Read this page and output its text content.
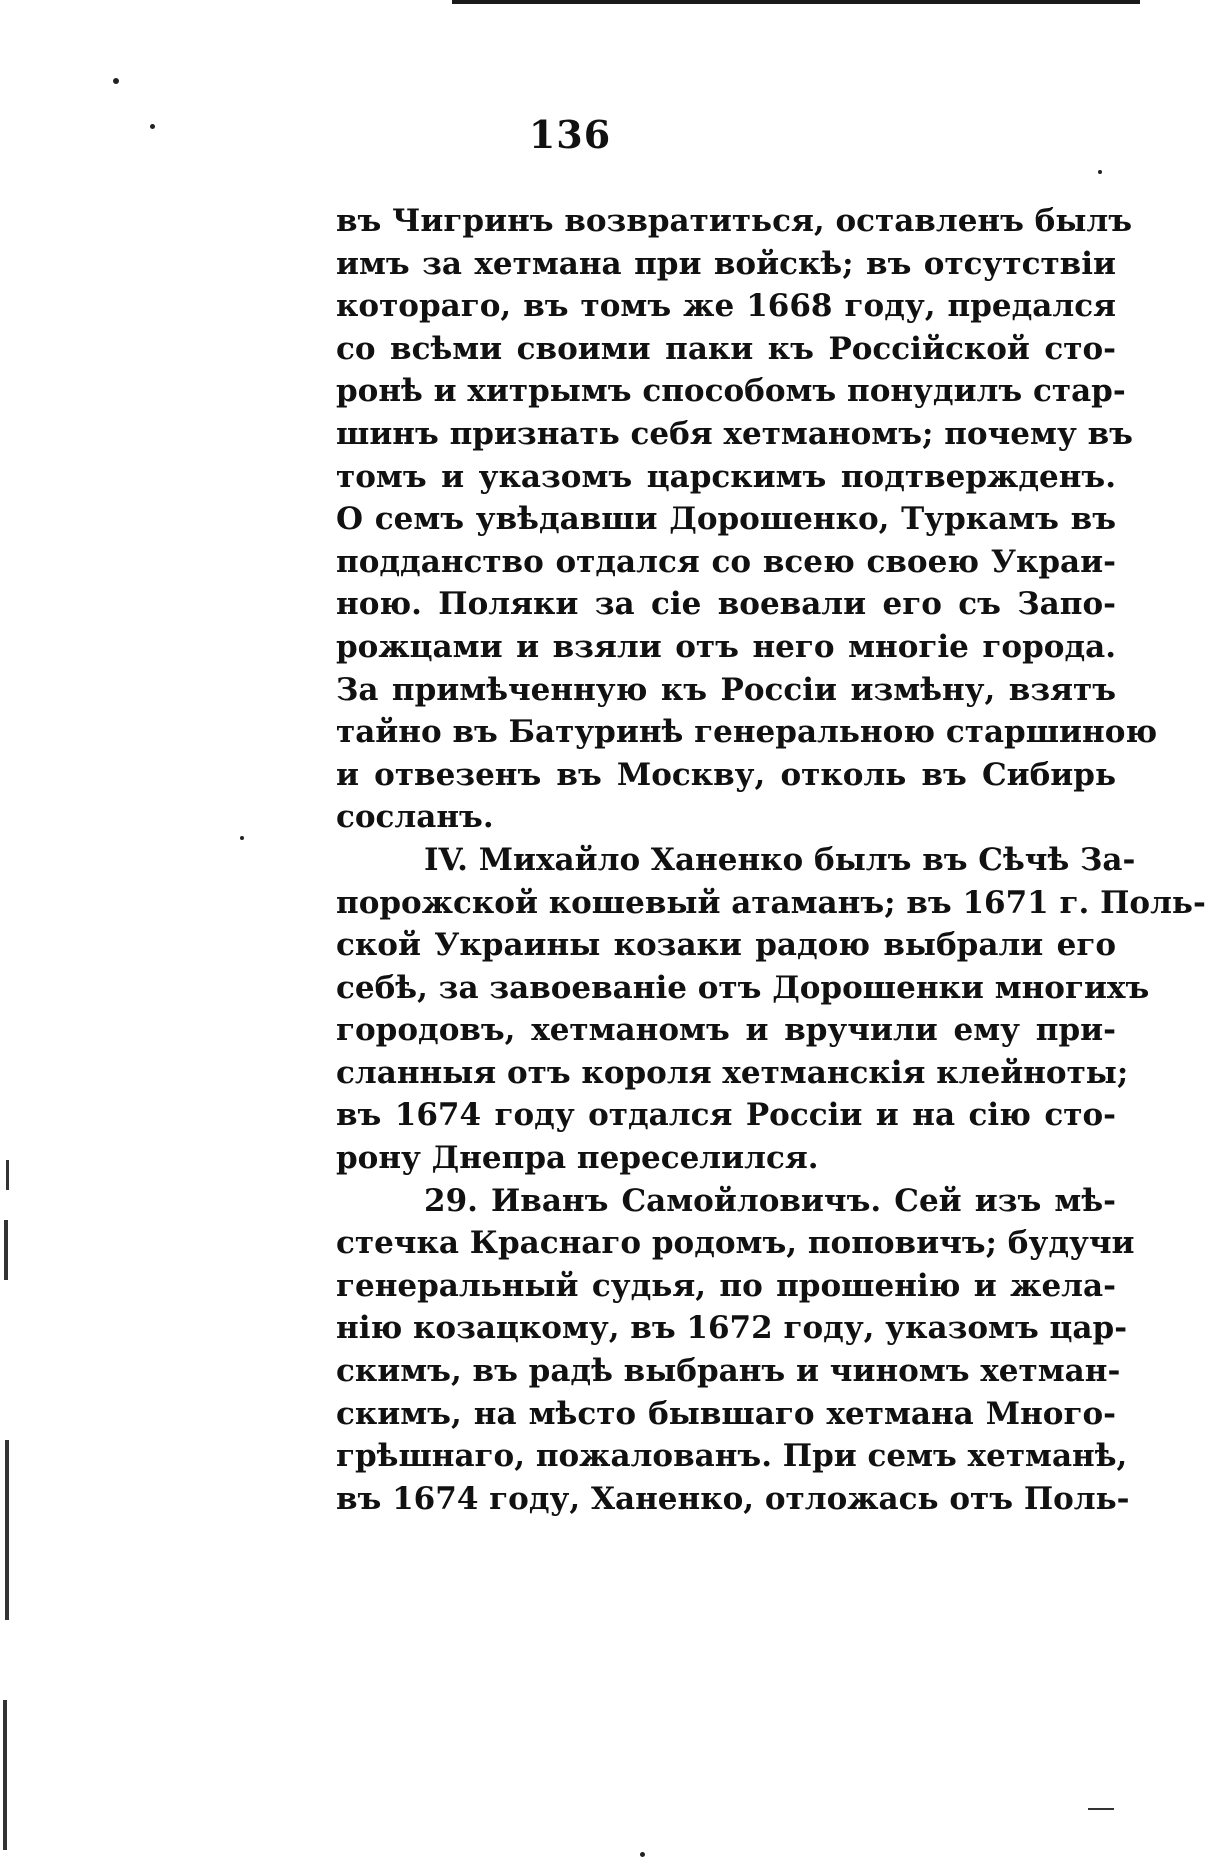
136
въ Чигринъ возвратиться, оставленъ былъ
имъ за хетмана при войскѣ; въ отсутствіи
котораго, въ томъ же 1668 году, предался
со всѣми своими паки къ Россійской сто-
ронѣ и хитрымъ способомъ понудилъ стар-
шинъ признать себя хетманомъ; почему въ
томъ и указомъ царскимъ подтвержденъ.
О семъ увѣдавши Дорошенко, Туркамъ въ
подданство отдался со всею своею Украи-
ною. Поляки за сіе воевали его съ Запо-
рожцами и взяли отъ него многіе города.
За примѣченную къ Россіи измѣну, взятъ
тайно въ Батуринѣ генеральною старшиною
и отвезенъ въ Москву, отколь въ Сибирь
сосланъ.
IV. Михайло Ханенко былъ въ Сѣчѣ За-
порожской кошевый атаманъ; въ 1671 г. Поль-
ской Украины козаки радою выбрали его
себѣ, за завоеваніе отъ Дорошенки многихъ
городовъ, хетманомъ и вручили ему при-
сланныя отъ короля хетманскія клейноты;
въ 1674 году отдался Россіи и на сію сто-
рону Днепра переселился.
29. Иванъ Самойловичъ. Сей изъ мѣ-
стечка Краснаго родомъ, поповичъ; будучи
генеральный судья, по прошенію и жела-
нію козацкому, въ 1672 году, указомъ цар-
скимъ, въ радѣ выбранъ и чиномъ хетман-
скимъ, на мѣсто бывшаго хетмана Много-
грѣшнаго, пожалованъ. При семъ хетманѣ,
въ 1674 году, Ханенко, отложась отъ Поль-
